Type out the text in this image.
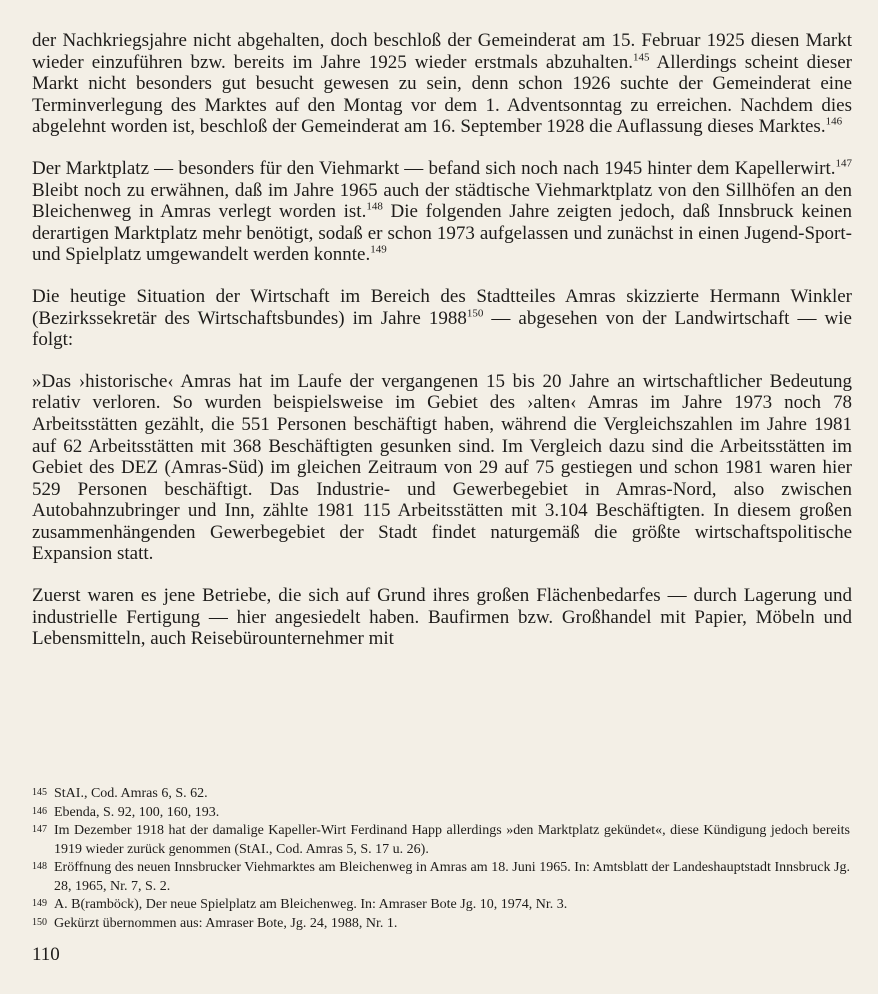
der Nachkriegsjahre nicht abgehalten, doch beschloß der Gemeinderat am 15. Februar 1925 diesen Markt wieder einzuführen bzw. bereits im Jahre 1925 wieder erstmals abzuhalten.$^{145}$ Allerdings scheint dieser Markt nicht besonders gut besucht gewesen zu sein, denn schon 1926 suchte der Gemeinderat eine Terminverlegung des Marktes auf den Montag vor dem 1. Adventsonntag zu erreichen. Nachdem dies abgelehnt worden ist, beschloß der Gemeinderat am 16. September 1928 die Auflassung dieses Marktes.$^{146}$

Der Marktplatz — besonders für den Viehmarkt — befand sich noch nach 1945 hinter dem Kapellerwirt.$^{147}$ Bleibt noch zu erwähnen, daß im Jahre 1965 auch der städtische Viehmarktplatz von den Sillhöfen an den Bleichenweg in Amras verlegt worden ist.$^{148}$ Die folgenden Jahre zeigten jedoch, daß Innsbruck keinen derartigen Marktplatz mehr benötigt, sodaß er schon 1973 aufgelassen und zunächst in einen Jugend-Sport- und Spielplatz umgewandelt werden konnte.$^{149}$

Die heutige Situation der Wirtschaft im Bereich des Stadtteiles Amras skizzierte Hermann Winkler (Bezirkssekretär des Wirtschaftsbundes) im Jahre 1988$^{150}$ — abgesehen von der Landwirtschaft — wie folgt:

»Das ›historische‹ Amras hat im Laufe der vergangenen 15 bis 20 Jahre an wirtschaftlicher Bedeutung relativ verloren. So wurden beispielsweise im Gebiet des ›alten‹ Amras im Jahre 1973 noch 78 Arbeitsstätten gezählt, die 551 Personen beschäftigt haben, während die Vergleichszahlen im Jahre 1981 auf 62 Arbeitsstätten mit 368 Beschäftigten gesunken sind. Im Vergleich dazu sind die Arbeitsstätten im Gebiet des DEZ (Amras-Süd) im gleichen Zeitraum von 29 auf 75 gestiegen und schon 1981 waren hier 529 Personen beschäftigt. Das Industrie- und Gewerbegebiet in Amras-Nord, also zwischen Autobahnzubringer und Inn, zählte 1981 115 Arbeitsstätten mit 3.104 Beschäftigten. In diesem großen zusammenhängenden Gewerbegebiet der Stadt findet naturgemäß die größte wirtschaftspolitische Expansion statt.

Zuerst waren es jene Betriebe, die sich auf Grund ihres großen Flächenbedarfes — durch Lagerung und industrielle Fertigung — hier angesiedelt haben. Baufirmen bzw. Großhandel mit Papier, Möbeln und Lebensmitteln, auch Reisebürounternehmer mit

145 StAI., Cod. Amras 6, S. 62.
146 Ebenda, S. 92, 100, 160, 193.
147 Im Dezember 1918 hat der damalige Kapeller-Wirt Ferdinand Happ allerdings »den Marktplatz gekündet«, diese Kündigung jedoch bereits 1919 wieder zurück genommen (StAI., Cod. Amras 5, S. 17 u. 26).
148 Eröffnung des neuen Innsbrucker Viehmarktes am Bleichenweg in Amras am 18. Juni 1965. In: Amtsblatt der Landeshauptstadt Innsbruck Jg. 28, 1965, Nr. 7, S. 2.
149 A. B(ramböck), Der neue Spielplatz am Bleichenweg. In: Amraser Bote Jg. 10, 1974, Nr. 3.
150 Gekürzt übernommen aus: Amraser Bote, Jg. 24, 1988, Nr. 1.
110
